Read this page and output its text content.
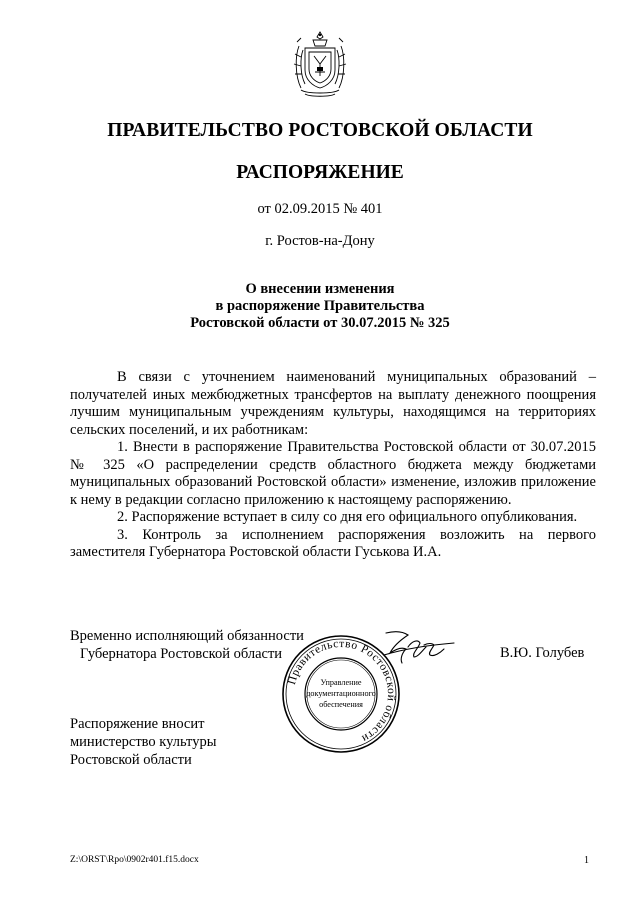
ПРАВИТЕЛЬСТВО РОСТОВСКОЙ ОБЛАСТИ
РАСПОРЯЖЕНИЕ
от 02.09.2015 № 401
г. Ростов-на-Дону
О внесении изменения
в распоряжение Правительства
Ростовской области от 30.07.2015 № 325

В связи с уточнением наименований муниципальных образований – получателей иных межбюджетных трансфертов на выплату денежного поощрения лучшим муниципальным учреждениям культуры, находящимся на территориях сельских поселений, и их работникам:

1. Внести в распоряжение Правительства Ростовской области от 30.07.2015 № 325 «О распределении средств областного бюджета между бюджетами муниципальных образований Ростовской области» изменение, изложив приложение к нему в редакции согласно приложению к настоящему распоряжению.

2. Распоряжение вступает в силу со дня его официального опубликования.

3. Контроль за исполнением распоряжения возложить на первого заместителя Губернатора Ростовской области Гуськова И.А.

Временно исполняющий обязанности
Губернатора Ростовской области
Правительство Ростовской области
Управление
документационного
обеспечения
В.Ю. Голубев
Распоряжение вносит
министерство культуры
Ростовской области
Z:\ORST\Rpo\0902r401.f15.docx	1
